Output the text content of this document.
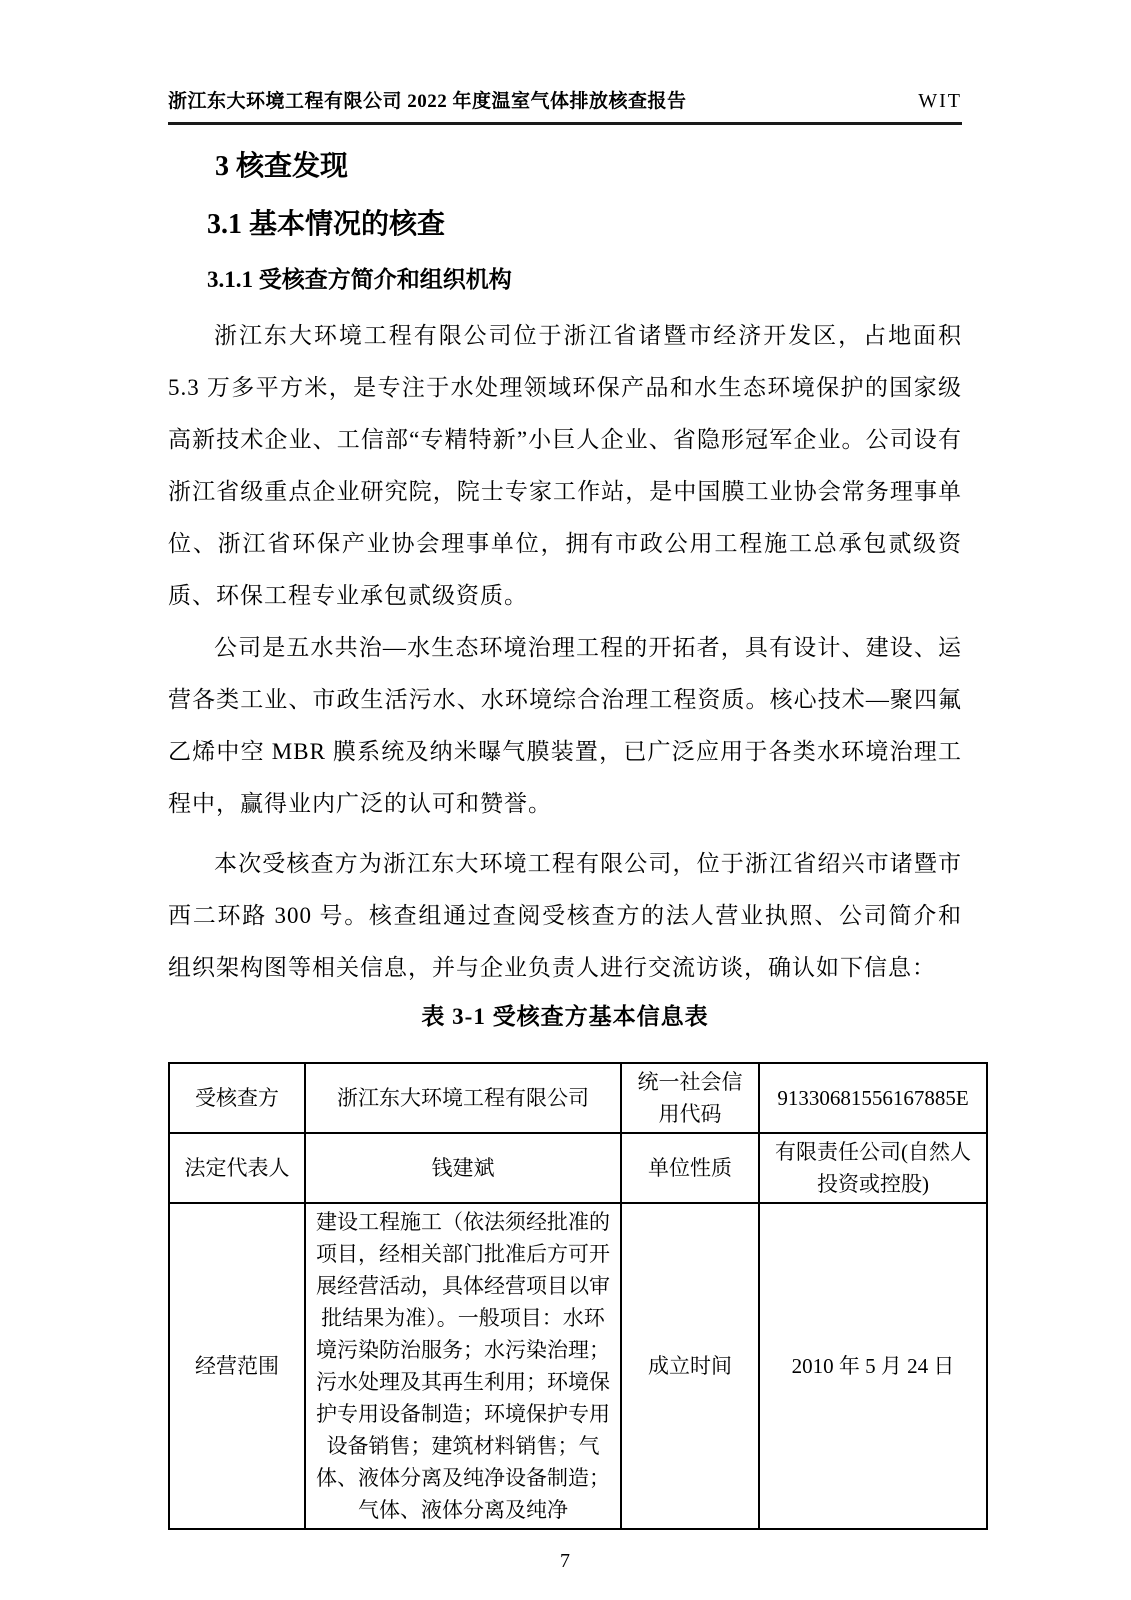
浙江东大环境工程有限公司 2022 年度温室气体排放核查报告	WIT
3 核查发现
3.1 基本情况的核查
3.1.1 受核查方简介和组织机构

浙江东大环境工程有限公司位于浙江省诸暨市经济开发区，占地面积 5.3 万多平方米，是专注于水处理领域环保产品和水生态环境保护的国家级高新技术企业、工信部“专精特新”小巨人企业、省隐形冠军企业。公司设有浙江省级重点企业研究院，院士专家工作站，是中国膜工业协会常务理事单位、浙江省环保产业协会理事单位，拥有市政公用工程施工总承包贰级资质、环保工程专业承包贰级资质。

公司是五水共治—水生态环境治理工程的开拓者，具有设计、建设、运营各类工业、市政生活污水、水环境综合治理工程资质。核心技术—聚四氟乙烯中空 MBR 膜系统及纳米曝气膜装置，已广泛应用于各类水环境治理工程中，赢得业内广泛的认可和赞誉。

本次受核查方为浙江东大环境工程有限公司，位于浙江省绍兴市诸暨市西二环路 300 号。核查组通过查阅受核查方的法人营业执照、公司简介和组织架构图等相关信息，并与企业负责人进行交流访谈，确认如下信息：

表 3-1 受核查方基本信息表
受核查方	浙江东大环境工程有限公司	统一社会信用代码	91330681556167885E
法定代表人	钱建斌	单位性质	有限责任公司(自然人投资或控股)
经营范围	建设工程施工（依法须经批准的项目，经相关部门批准后方可开展经营活动，具体经营项目以审批结果为准）。一般项目：水环境污染防治服务；水污染治理；污水处理及其再生利用；环境保护专用设备制造；环境保护专用设备销售；建筑材料销售；气体、液体分离及纯净设备制造；气体、液体分离及纯净	成立时间	2010 年 5 月 24 日
7
